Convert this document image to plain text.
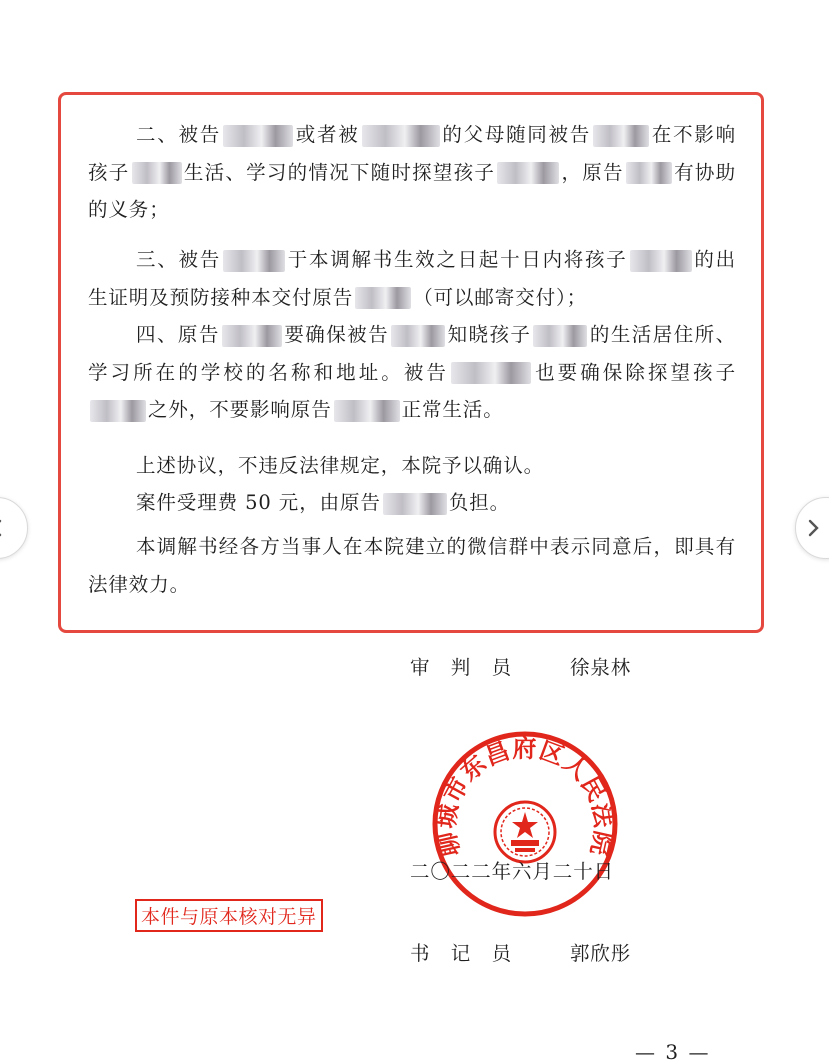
二、被告	或者被	的父母随同被告	在不影响孩子	生活、学习的情况下随时探望孩子	，原告	有协助的义务；

三、被告	于本调解书生效之日起十日内将孩子	的出生证明及预防接种本交付原告	（可以邮寄交付）；

四、原告	要确保被告	知晓孩子	的生活居住所、学习所在的学校的名称和地址。被告	也要确保除探望孩子之外，不要影响原告	正常生活。

上述协议，不违反法律规定，本院予以确认。

案件受理费 50 元，由原告	负担。

本调解书经各方当事人在本院建立的微信群中表示同意后，即具有法律效力。

审　判　员	徐泉林
聊城市东昌府区人民法院
二〇二二年六月二十日
本件与原本核对无异
书　记　员	郭欣彤
— 3 —
